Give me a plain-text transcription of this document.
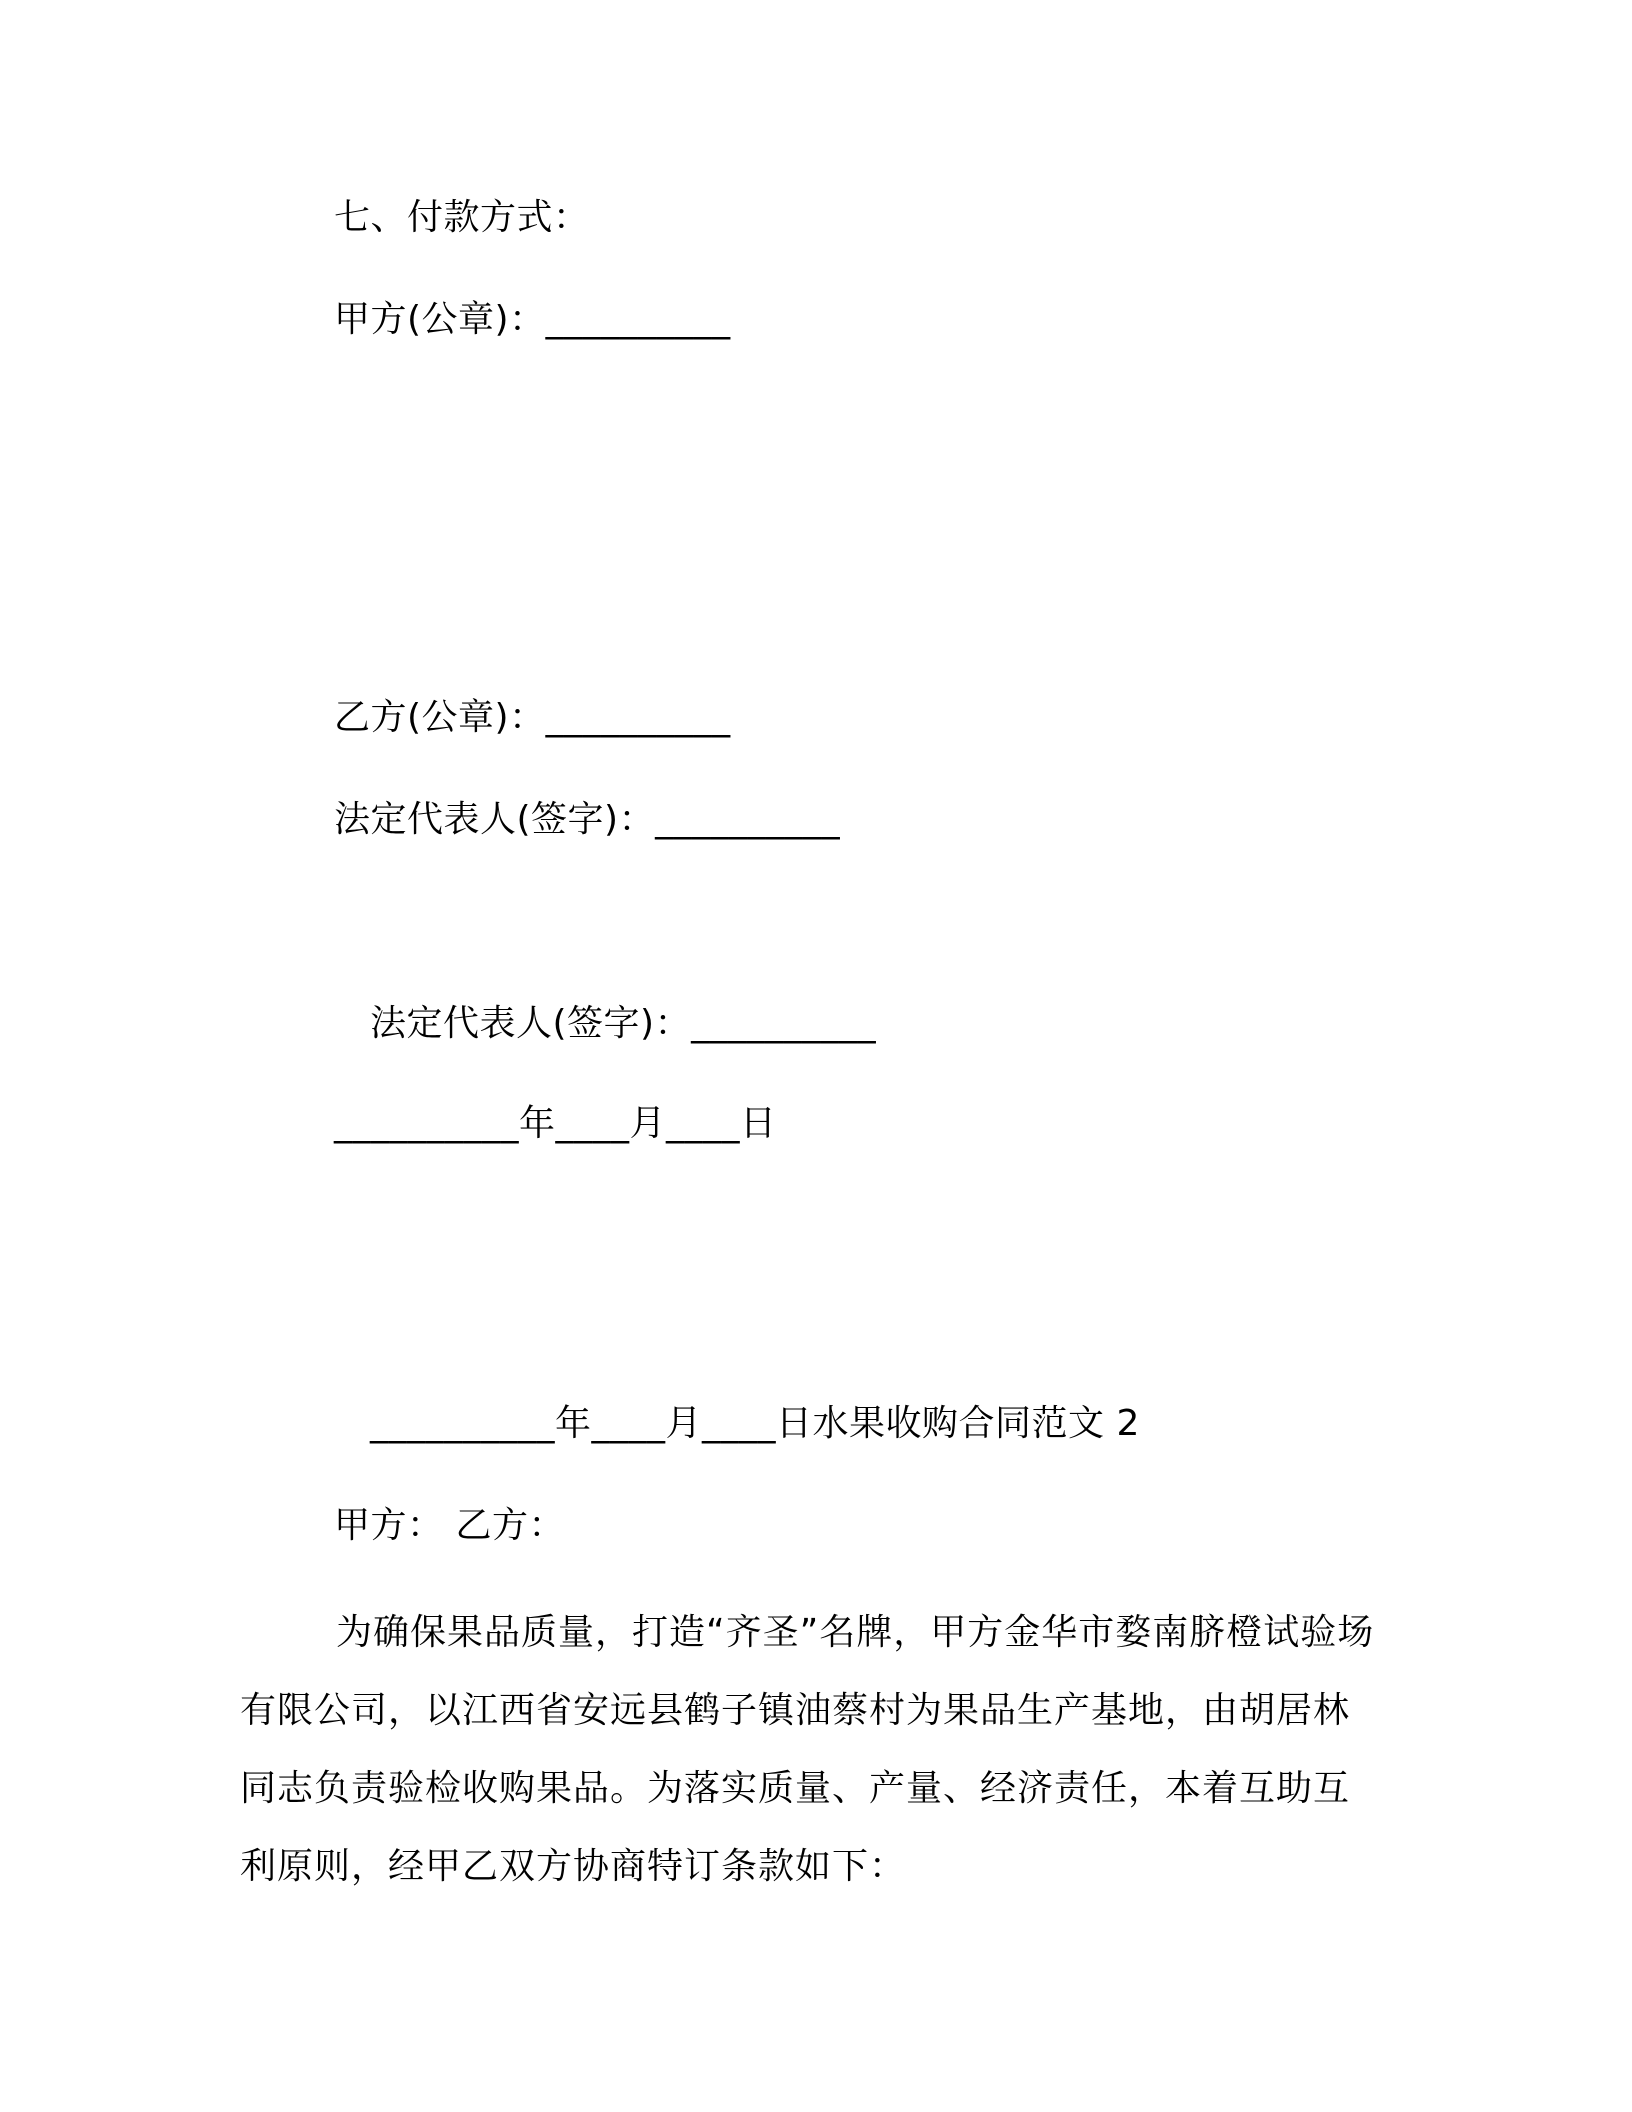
七、付款方式：
甲方(公章)：__________
乙方(公章)：__________
法定代表人(签字)：__________
法定代表人(签字)：__________
__________年____月____日
__________年____月____日水果收购合同范文 2
甲方： 乙方：
为确保果品质量，打造“齐圣”名牌，甲方金华市婺南脐橙试验场有限公司，以江西省安远县鹤子镇油蔡村为果品生产基地，由胡居林同志负责验检收购果品。为落实质量、产量、经济责任，本着互助互利原则，经甲乙双方协商特订条款如下：
